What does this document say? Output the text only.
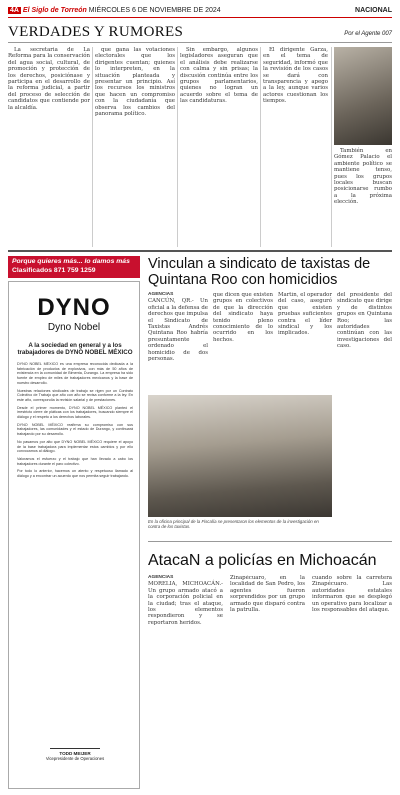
4A El Siglo de Torreón MIÉRCOLES 6 DE NOVIEMBRE DE 2024	NACIONAL
VERDADES Y RUMORES	Por el Agente 007

La secretaria de La Reforma para la conservación del agua social, cultural, de promoción y protección de los derechos, posiciónase y participa en el desarrollo de la reforma judicial, a partir del proceso de selección de candidatos que contiende por la alcaldía.

que gana las votaciones electorales que los dirigentes cuentan; quienes lo interpreten, en la situación planteada y presentar un principio. Así los recursos los ministros que hacen un compromiso con la ciudadanía que observa los cambios del panorama político.

Sin embargo, algunos legisladores aseguran que el análisis debe realizarse con calma y sin prisas; la discusión continúa entre los grupos parlamentarios, quienes no logran un acuerdo sobre el tema de las candidaturas.

El dirigente Garza, en el tema de seguridad, informó que la revisión de los casos se dará con transparencia y apego a la ley, aunque varios actores cuestionan los tiempos.

También en Gómez Palacio el ambiente político se mantiene tenso, pues los grupos locales buscan posicionarse rumbo a la próxima elección.

Porque quieres más... lo damos más
Clasificados 871 759 1259
DYNO
Dyno Nobel
A la sociedad en general y a los trabajadores de DYNO NOBEL MÉXICO

DYNO NOBEL MÉXICO es una empresa reconocida dedicada a la fabricación de productos de explosivos, con más de 50 años de existencia en la comunidad de Bimenta, Durango. La empresa ha sido fuente de empleo de miles de trabajadores mexicanos y la base de nuestro desarrollo.

Nuestras relaciones sindicales de trabajo se rigen por un Contrato Colectivo de Trabajo que año con año se revisa conforme a la ley. En este año, correspondía la revisión salarial y de prestaciones.

Desde el primer momento, DYNO NOBEL MÉXICO planteó el irrestricto cierre de pláticas con los trabajadores, buscando siempre el diálogo y el respeto a los derechos laborales.

DYNO NOBEL MÉXICO reafirma su compromiso con sus trabajadores, las comunidades y el estado de Durango, y continuará trabajando por su desarrollo.

No pasamos por alto que DYNO NOBEL MÉXICO requiere el apoyo de la base trabajadora para implementar estos cambios y por ello convocamos al diálogo.

Valoramos el esfuerzo y el trabajo que han llevado a cabo los trabajadores durante el paro colectivo.

Por todo lo anterior, hacemos un atento y respetuoso llamado al diálogo y a encontrar un acuerdo que nos permita seguir trabajando.

TODD MEIJER
Vicepresidente de Operaciones
Vinculan a sindicato de taxistas de Quintana Roo con homicidios
AGENCIAS

CANCÚN, QR.- Un oficial a la defensa de derechos que impulsa el Sindicato de Taxistas Andrés Quintana Roo habría presuntamente ordenado el homicidio de dos personas.

que dicen que existen grupos en colectivos de que la dirección del sindicato haya tenido pleno conocimiento de lo ocurrido en los hechos.

Martín, el operador del caso, aseguró que existen pruebas suficientes contra el líder sindical y los implicados.

del presidente del sindicato que dirige y de distintos grupos en Quintana Roo; las autoridades continúan con las investigaciones del caso.

En la oficina principal de la Fiscalía se presentaron los elementos de la investigación en contra de los taxistas.
AtacaN a policías en Michoacán
AGENCIAS

MORELIA, MICHOACÁN.- Un grupo armado atacó a la corporación policial en la ciudad; tras el ataque, los elementos respondieron y se reportaron heridos.

Zinapécuaro, en la localidad de San Pedro, los agentes fueron sorprendidos por un grupo armado que disparó contra la patrulla.

cuando sobre la carretera Zinapécuaro. Las autoridades estatales informaron que se desplegó un operativo para localizar a los responsables del ataque.
